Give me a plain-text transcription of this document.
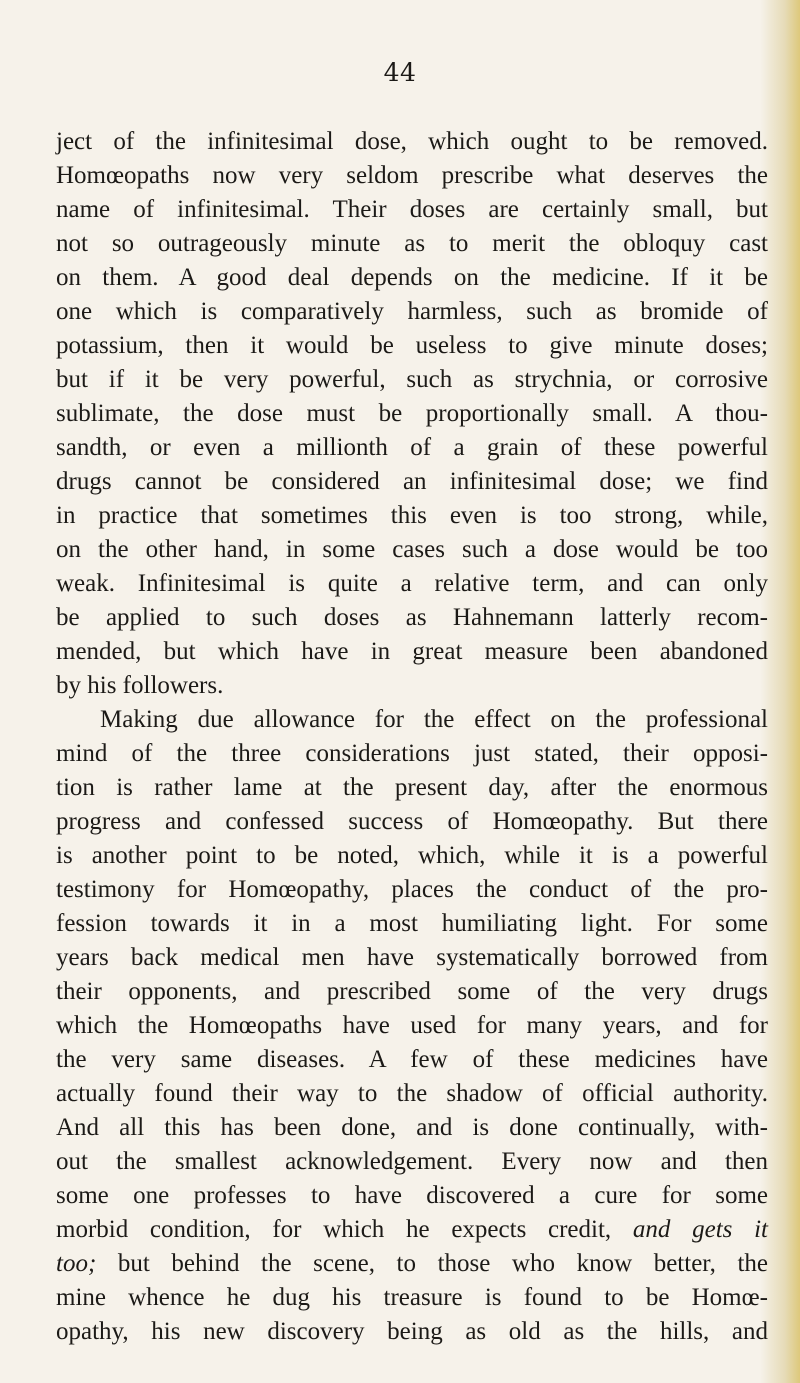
44
ject of the infinitesimal dose, which ought to be removed.
Homœopaths now very seldom prescribe what deserves the
name of infinitesimal. Their doses are certainly small, but
not so outrageously minute as to merit the obloquy cast
on them. A good deal depends on the medicine. If it be
one which is comparatively harmless, such as bromide of
potassium, then it would be useless to give minute doses;
but if it be very powerful, such as strychnia, or corrosive
sublimate, the dose must be proportionally small. A thou-
sandth, or even a millionth of a grain of these powerful
drugs cannot be considered an infinitesimal dose; we find
in practice that sometimes this even is too strong, while,
on the other hand, in some cases such a dose would be too
weak. Infinitesimal is quite a relative term, and can only
be applied to such doses as Hahnemann latterly recom-
mended, but which have in great measure been abandoned
by his followers.
Making due allowance for the effect on the professional
mind of the three considerations just stated, their opposi-
tion is rather lame at the present day, after the enormous
progress and confessed success of Homœopathy. But there
is another point to be noted, which, while it is a powerful
testimony for Homœopathy, places the conduct of the pro-
fession towards it in a most humiliating light. For some
years back medical men have systematically borrowed from
their opponents, and prescribed some of the very drugs
which the Homœopaths have used for many years, and for
the very same diseases. A few of these medicines have
actually found their way to the shadow of official authority.
And all this has been done, and is done continually, with-
out the smallest acknowledgement. Every now and then
some one professes to have discovered a cure for some
morbid condition, for which he expects credit, and gets it
too; but behind the scene, to those who know better, the
mine whence he dug his treasure is found to be Homœ-
opathy, his new discovery being as old as the hills, and
